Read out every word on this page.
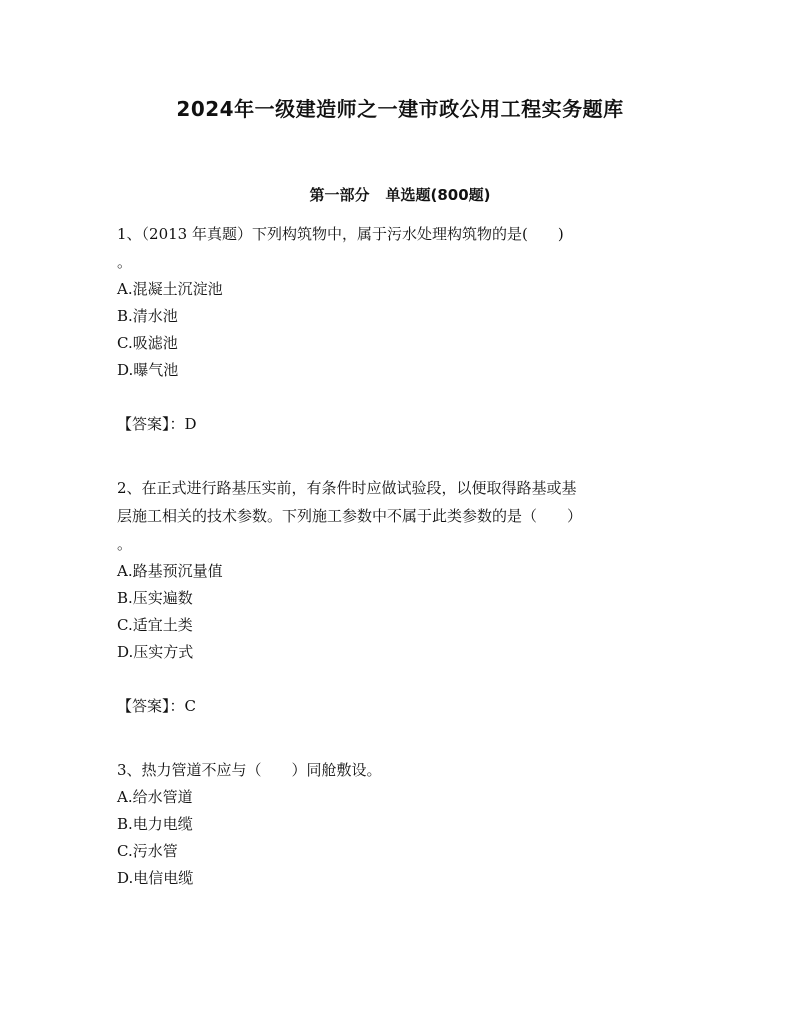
2024年一级建造师之一建市政公用工程实务题库
第一部分 单选题(800题)
1、（2013 年真题）下列构筑物中，属于污水处理构筑物的是(　　)
。
A.混凝土沉淀池
B.清水池
C.吸滤池
D.曝气池
【答案】：D
2、在正式进行路基压实前，有条件时应做试验段，以便取得路基或基
层施工相关的技术参数。下列施工参数中不属于此类参数的是（　　）
。
A.路基预沉量值
B.压实遍数
C.适宜土类
D.压实方式
【答案】：C
3、热力管道不应与（　　）同舱敷设。
A.给水管道
B.电力电缆
C.污水管
D.电信电缆
